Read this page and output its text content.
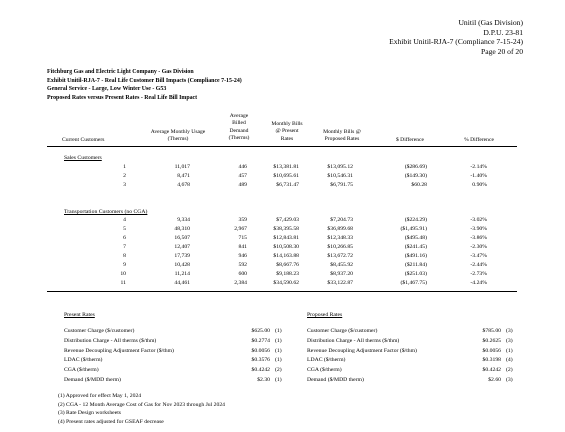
Unitil (Gas Division)
D.P.U. 23-81
Exhibit Unitil-RJA-7 (Compliance 7-15-24)
Page 20 of 20
Fitchburg Gas and Electric Light Company - Gas Division
Exhibit Unitil-RJA-7 - Real Life Customer Bill Impacts (Compliance 7-15-24)
General Service - Large, Low Winter Use - G53
Proposed Rates versus Present Rates - Real Life Bill Impact
Current Customers
Average Monthly Usage
(Therms)
Average
Billed
Demand
(Therms)
Monthly Bills
@ Present
Rates
Monthly Bills @
Proposed Rates	$ Difference	% Difference
Sales Customers
1	11,017	446	$13,381.81	$13,095.12	($286.69)	-2.14%
2	8,471	457	$10,695.61	$10,546.31	($149.30)	-1.40%
3	4,678	489	$6,731.47	$6,791.75	$60.28	0.90%
Transportation Customers (no CGA)
4	9,334	359	$7,429.03	$7,204.73	($224.29)	-3.02%
5	48,310	2,967	$38,395.58	$36,899.68	($1,495.91)	-3.90%
6	16,507	715	$12,843.81	$12,348.33	($495.48)	-3.86%
7	12,407	841	$10,508.30	$10,266.85	($241.45)	-2.30%
8	17,739	946	$14,163.88	$13,672.72	($491.16)	-3.47%
9	10,428	592	$8,667.76	$8,455.92	($211.84)	-2.44%
10	11,214	600	$9,188.23	$8,937.20	($251.03)	-2.73%
11	44,461	2,384	$34,590.62	$33,122.87	($1,467.75)	-4.24%
Present Rates
Customer Charge ($/customer)	$625.00 (1)
Distribution Charge - All therms ($/thm)	$0.2774 (1)
Revenue Decoupling Adjustment Factor ($/thm)	$0.0056 (1)
LDAC ($/therm)	$0.3576 (1)
CGA ($/therm)	$0.4242 (2)
Demand ($/MDD therm)	$2.30 (1)
Proposed Rates
Customer Charge ($/customer)	$785.00 (3)
Distribution Charge - All therms ($/thm)	$0.2625 (3)
Revenue Decoupling Adjustment Factor ($/thm)	$0.0056 (1)
LDAC ($/therm)	$0.3198 (4)
CGA ($/therm)	$0.4242 (2)
Demand ($/MDD therm)	$2.60 (3)
(1) Approved for effect May 1, 2024
(2) CGA - 12 Month Average Cost of Gas for Nov 2023 through Jul 2024
(3) Rate Design worksheets
(4) Present rates adjusted for GSEAF decrease
